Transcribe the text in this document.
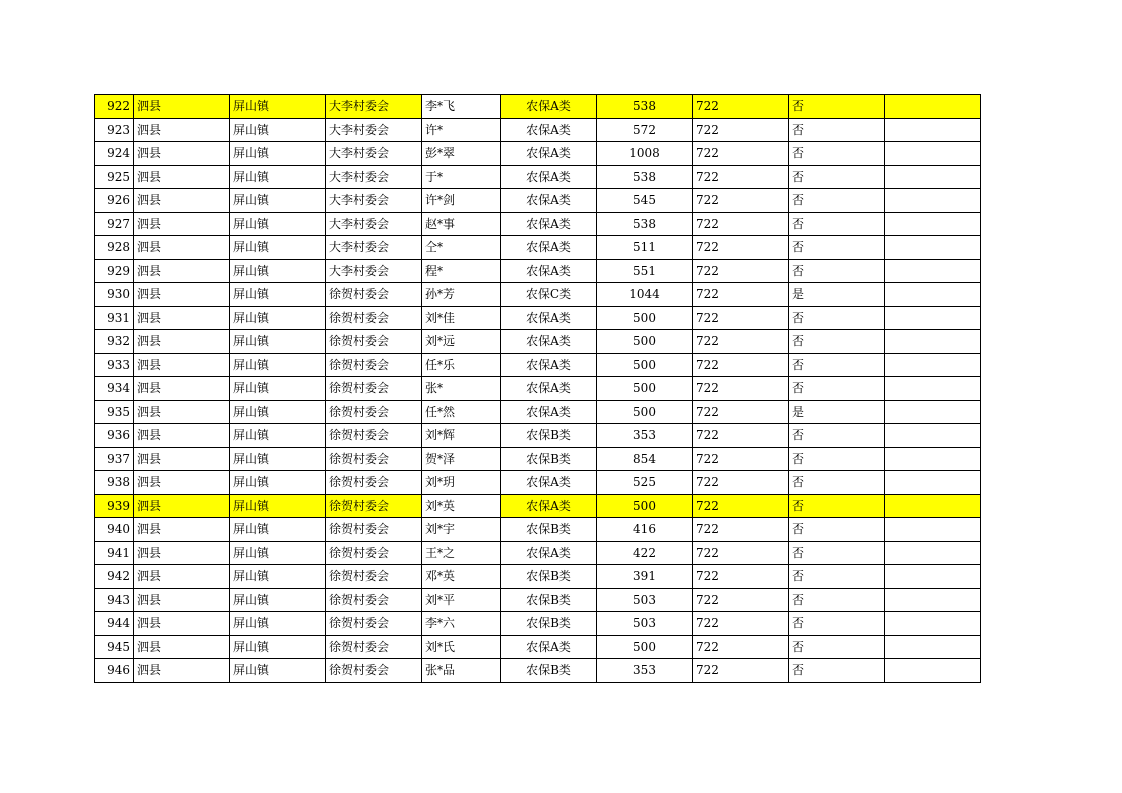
922	泗县	屏山镇	大李村委会	李*飞	农保A类	538	722	否	
923	泗县	屏山镇	大李村委会	许*	农保A类	572	722	否	
924	泗县	屏山镇	大李村委会	彭*翠	农保A类	1008	722	否	
925	泗县	屏山镇	大李村委会	于*	农保A类	538	722	否	
926	泗县	屏山镇	大李村委会	许*剑	农保A类	545	722	否	
927	泗县	屏山镇	大李村委会	赵*事	农保A类	538	722	否	
928	泗县	屏山镇	大李村委会	仝*	农保A类	511	722	否	
929	泗县	屏山镇	大李村委会	程*	农保A类	551	722	否	
930	泗县	屏山镇	徐贺村委会	孙*芳	农保C类	1044	722	是	
931	泗县	屏山镇	徐贺村委会	刘*佳	农保A类	500	722	否	
932	泗县	屏山镇	徐贺村委会	刘*远	农保A类	500	722	否	
933	泗县	屏山镇	徐贺村委会	任*乐	农保A类	500	722	否	
934	泗县	屏山镇	徐贺村委会	张*	农保A类	500	722	否	
935	泗县	屏山镇	徐贺村委会	任*然	农保A类	500	722	是	
936	泗县	屏山镇	徐贺村委会	刘*辉	农保B类	353	722	否	
937	泗县	屏山镇	徐贺村委会	贺*泽	农保B类	854	722	否	
938	泗县	屏山镇	徐贺村委会	刘*玥	农保A类	525	722	否	
939	泗县	屏山镇	徐贺村委会	刘*英	农保A类	500	722	否	
940	泗县	屏山镇	徐贺村委会	刘*宇	农保B类	416	722	否	
941	泗县	屏山镇	徐贺村委会	王*之	农保A类	422	722	否	
942	泗县	屏山镇	徐贺村委会	邓*英	农保B类	391	722	否	
943	泗县	屏山镇	徐贺村委会	刘*平	农保B类	503	722	否	
944	泗县	屏山镇	徐贺村委会	李*六	农保B类	503	722	否	
945	泗县	屏山镇	徐贺村委会	刘*氏	农保A类	500	722	否	
946	泗县	屏山镇	徐贺村委会	张*品	农保B类	353	722	否	
